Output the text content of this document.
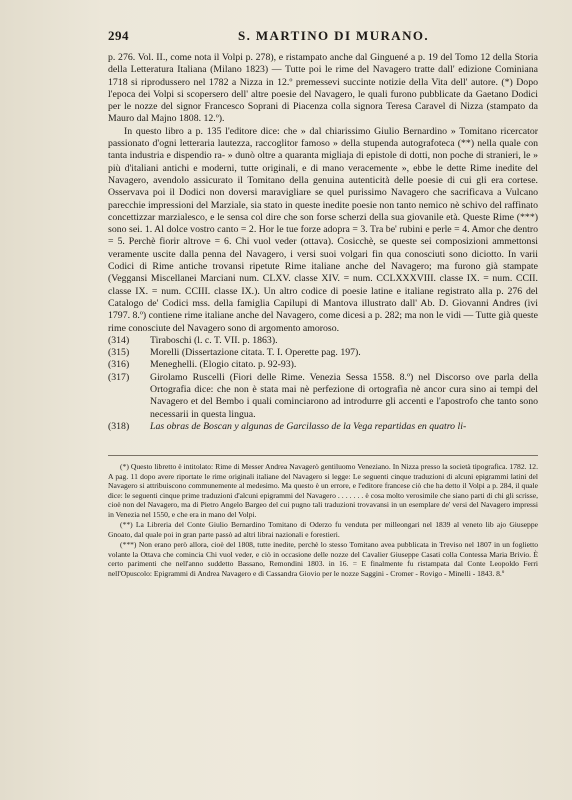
294	S. MARTINO DI MURANO.

p. 276. Vol. II., come nota il Volpi p. 278), e ristampato anche dal Ginguené a p. 19 del Tomo 12 della Storia della Letteratura Italiana (Milano 1823) — Tutte poi le rime del Navagero tratte dall' edizione Cominiana 1718 si riprodussero nel 1782 a Nizza in 12.º premessevi succinte notizie della Vita dell' autore. (*) Dopo l'epoca dei Volpi si scopersero dell' altre poesie del Navagero, le quali furono pubblicate da Gaetano Dodici per le nozze del signor Francesco Soprani di Piacenza colla signora Teresa Caravel di Nizza (stampato da Mauro dal Majno 1808. 12.º).

In questo libro a p. 135 l'editore dice: che » dal chiarissimo Giulio Bernardino » Tomitano ricercator passionato d'ogni letteraria lautezza, raccoglitor famoso » della stupenda autografoteca (**) nella quale con tanta industria e dispendio ra- » dunò oltre a quaranta migliaja di epistole di dotti, non poche di stranieri, le » più d'italiani antichi e moderni, tutte originali, e di mano veracemente », ebbe le dette Rime inedite del Navagero, avendolo assicurato il Tomitano della genuina autenticità delle poesie di cui gli era cortese. Osservava poi il Dodici non doversi maravigliare se quel purissimo Navagero che sacrificava a Vulcano parecchie impressioni del Marziale, sia stato in queste inedite poesie non tanto nemico nè schivo del raffinato concettizzar marzialesco, e le sensa col dire che son forse scherzi della sua giovanile età. Queste Rime (***) sono sei. 1. Al dolce vostro canto = 2. Hor le tue forze adopra = 3. Tra be' rubini e perle = 4. Amor che dentro = 5. Perchè fiorir altrove = 6. Chi vuol veder (ottava). Cosicchè, se queste sei composizioni ammettonsi veramente uscite dalla penna del Navagero, i versi suoi volgari fin qua conosciuti sono diciotto. In varii Codici di Rime antiche trovansi ripetute Rime italiane anche del Navagero; ma furono già stampate (Veggansi Miscellanei Marciani num. CLXV. classe XIV. = num. CCLXXXVIII. classe IX. = num. CCII. classe IX. = num. CCIII. classe IX.). Un altro codice di poesie latine e italiane registrato alla p. 276 del Catalogo de' Codici mss. della famiglia Capilupi di Mantova illustrato dall' Ab. D. Giovanni Andres (ivi 1797. 8.º) contiene rime italiane anche del Navagero, come dicesi a p. 282; ma non le vidi — Tutte già queste rime conosciute del Navagero sono di argomento amoroso.

(314)	Tiraboschi (l. c. T. VII. p. 1863).
(315)	Morelli (Dissertazione citata. T. I. Operette pag. 197).
(316)	Meneghelli. (Elogio citato. p. 92-93).
(317)	Girolamo Ruscelli (Fiori delle Rime. Venezia Sessa 1558. 8.º) nel Discorso ove parla della Ortografia dice: che non è stata mai nè perfezione di ortografia nè ancor cura sino ai tempi del Navagero et del Bembo i quali cominciarono ad introdurre gli accenti e l'apostrofo che tanto sono necessarii in questa lingua.
(318)	Las obras de Boscan y algunas de Garcilasso de la Vega repartidas en quatro li-

(*) Questo libretto è intitolato: Rime di Messer Andrea Navagerò gentiluomo Veneziano. In Nizza presso la società tipografica. 1782. 12. A pag. 11 dopo avere riportate le rime originali italiane del Navagero si legge: Le seguenti cinque traduzioni di alcuni epigrammi latini del Navagero si attribuiscono communemente al medesimo. Ma questo è un errore, e l'editore francese ciò che ha detto il Volpi a p. 284, il quale dice: le seguenti cinque prime traduzioni d'alcuni epigrammi del Navagero . . . . . . . è cosa molto verosimile che siano parti di chi gli scrisse, cioè non del Navagero, ma di Pietro Angelo Bargeo del cui pugno tali traduzioni trovavansi in un esemplare de' versi del Navagero impressi in Venezia nel 1550, e che era in mano del Volpi.

(**) La Libreria del Conte Giulio Bernardino Tomitano di Oderzo fu venduta per milleongari nel 1839 al veneto lib ajo Giuseppe Gnoato, dal quale poi in gran parte passò ad altri librai nazionali e forestieri.

(***) Non erano però allora, cioè del 1808, tutte inedite, perchè lo stesso Tomitano avea pubblicata in Treviso nel 1807 in un foglietto volante la Ottava che comincia Chi vuol veder, e ciò in occasione delle nozze del Cavalier Giuseppe Casati colla Contessa Maria Brivio. È certo parimenti che nell'anno suddetto Bassano, Remondini 1803. in 16. = E finalmente fu ristampata dal Conte Leopoldo Ferri nell'Opuscolo: Epigrammi di Andrea Navagero e di Cassandra Giovio per le nozze Saggini - Cromer - Rovigo - Minelli - 1843. 8.º
